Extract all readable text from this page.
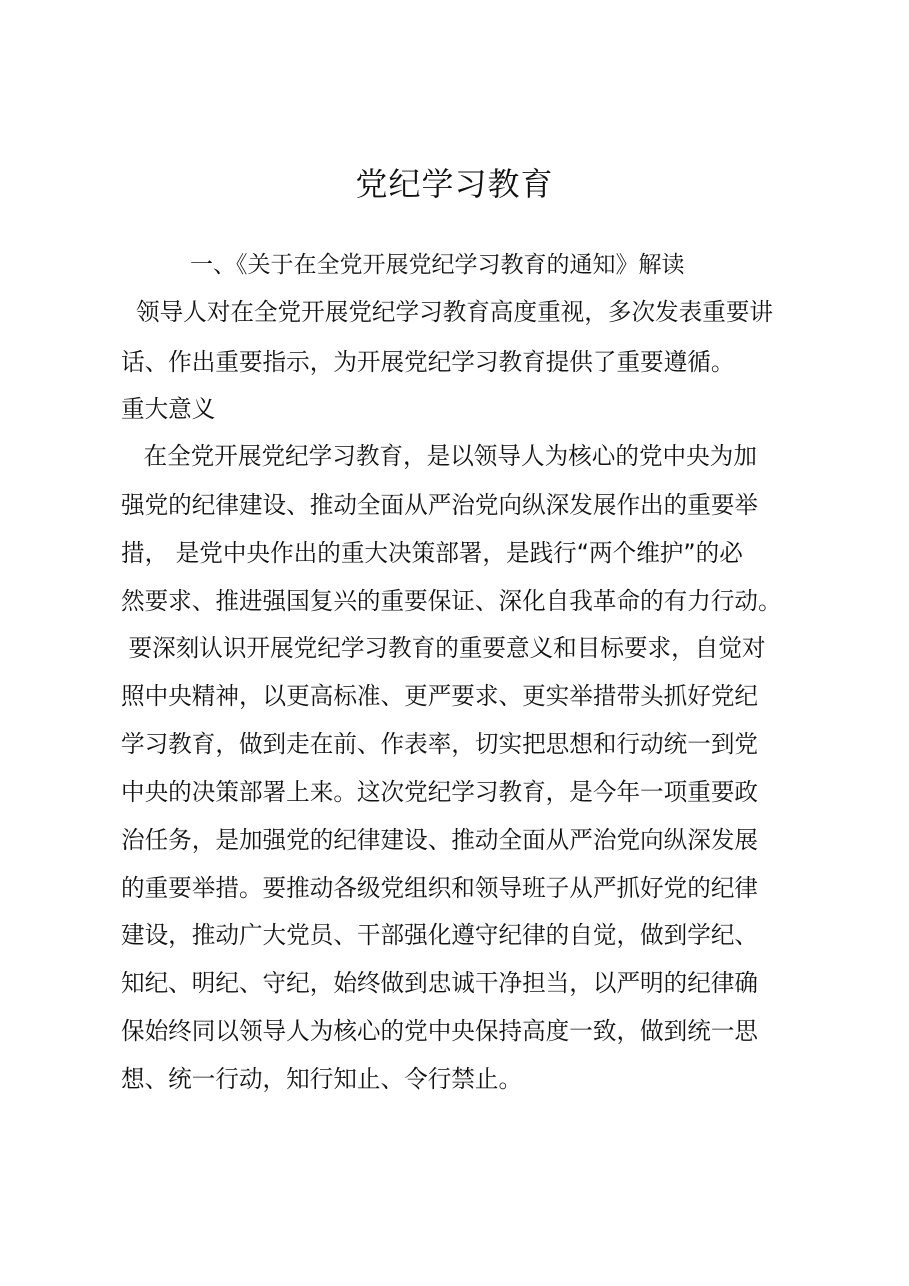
党纪学习教育
一、《关于在全党开展党纪学习教育的通知》解读
领导人对在全党开展党纪学习教育高度重视，多次发表重要讲
话、作出重要指示，为开展党纪学习教育提供了重要遵循。
重大意义
在全党开展党纪学习教育，是以领导人为核心的党中央为加
强党的纪律建设、推动全面从严治党向纵深发展作出的重要举
措， 是党中央作出的重大决策部署，是践行“两个维护”的必
然要求、推进强国复兴的重要保证、深化自我革命的有力行动。
要深刻认识开展党纪学习教育的重要意义和目标要求，自觉对
照中央精神，以更高标准、更严要求、更实举措带头抓好党纪
学习教育，做到走在前、作表率，切实把思想和行动统一到党
中央的决策部署上来。这次党纪学习教育，是今年一项重要政
治任务，是加强党的纪律建设、推动全面从严治党向纵深发展
的重要举措。要推动各级党组织和领导班子从严抓好党的纪律
建设，推动广大党员、干部强化遵守纪律的自觉，做到学纪、
知纪、明纪、守纪，始终做到忠诚干净担当，以严明的纪律确
保始终同以领导人为核心的党中央保持高度一致，做到统一思
想、统一行动，知行知止、令行禁止。
